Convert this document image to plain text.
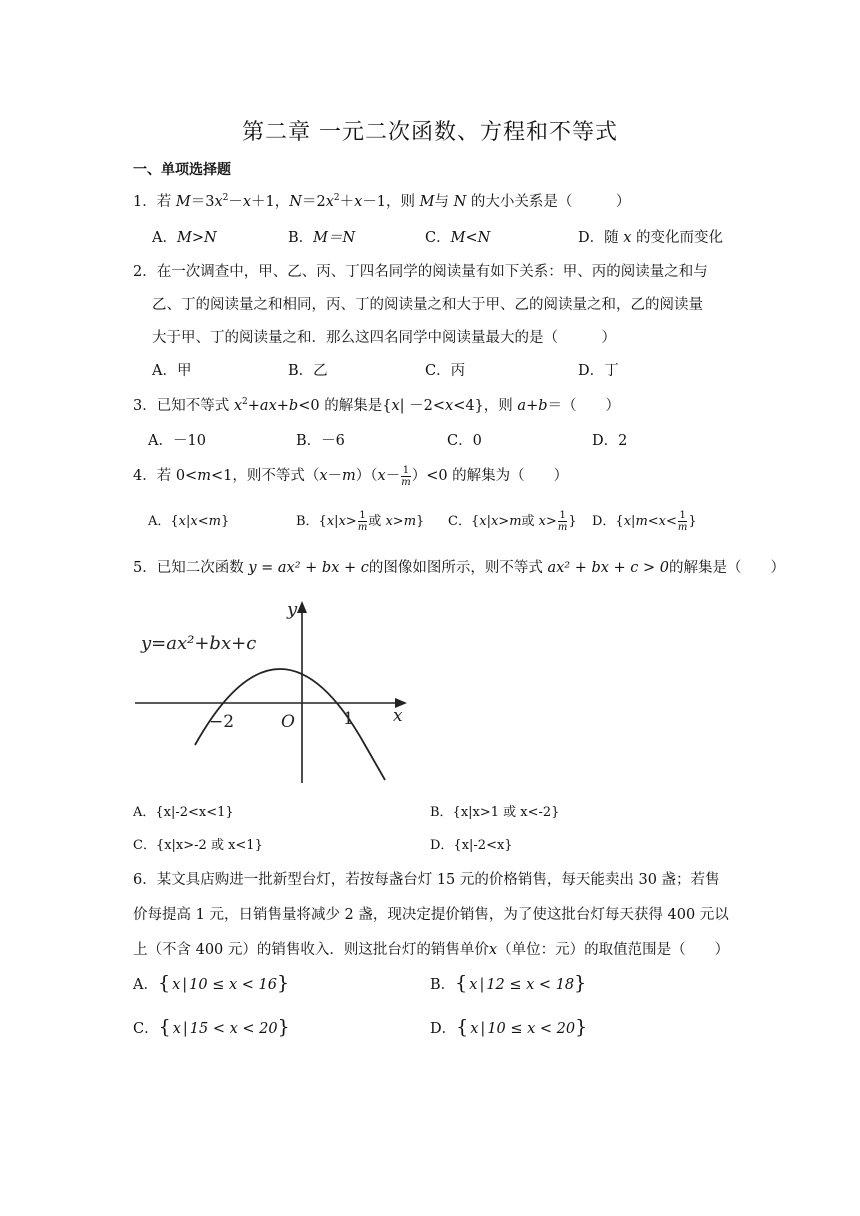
第二章 一元二次函数、方程和不等式
一、单项选择题
1．若 $M=3x^2-x+1$，$N=2x^2+x-1$，则 M与 N 的大小关系是（　　　）
A．M>N	B．M＝N	C．M<N	D．随 x 的变化而变化
2．在一次调查中，甲、乙、丙、丁四名同学的阅读量有如下关系：甲、丙的阅读量之和与
乙、丁的阅读量之和相同，丙、丁的阅读量之和大于甲、乙的阅读量之和，乙的阅读量
大于甲、丁的阅读量之和．那么这四名同学中阅读量最大的是（　　　）
A．甲	B．乙	C．丙	D．丁
3．已知不等式 $x^2+ax+b<0$ 的解集是{x| －2<x<4}，则 a+b＝（　　）
A．－10	B．－6	C．0	D．2
4．若 0<m<1，则不等式$(x-m)(x- \frac{1}{m} )<0$ 的解集为（　　）
A．{x|x<m}	B．{$x|x> \frac{1}{m}$ 或 x>m} C．{x|x>m或 $x> \frac{1}{m}$ } D．{$x|m<x< \frac{1}{m}$ }
5．已知二次函数 y = ax² + bx + c的图像如图所示，则不等式 ax² + bx + c > 0的解集是（　　）
y=ax²+bx+c
y
x
O
−2	1
A．{x|-2<x<1}	B．{x|x>1 或 x<-2}
C．{x|x>-2 或 x<1}	D．{x|-2<x}
6．某文具店购进一批新型台灯，若按每盏台灯 15 元的价格销售，每天能卖出 30 盏；若售
价每提高 1 元，日销售量将减少 2 盏，现决定提价销售，为了使这批台灯每天获得 400 元以
上（不含 400 元）的销售收入．则这批台灯的销售单价x（单位：元）的取值范围是（　　）
A．{ x | 10 ≤ x < 16}	B．{ x | 12 ≤ x < 18}
C．{ x | 15 < x < 20}	D．{ x | 10 ≤ x < 20}
